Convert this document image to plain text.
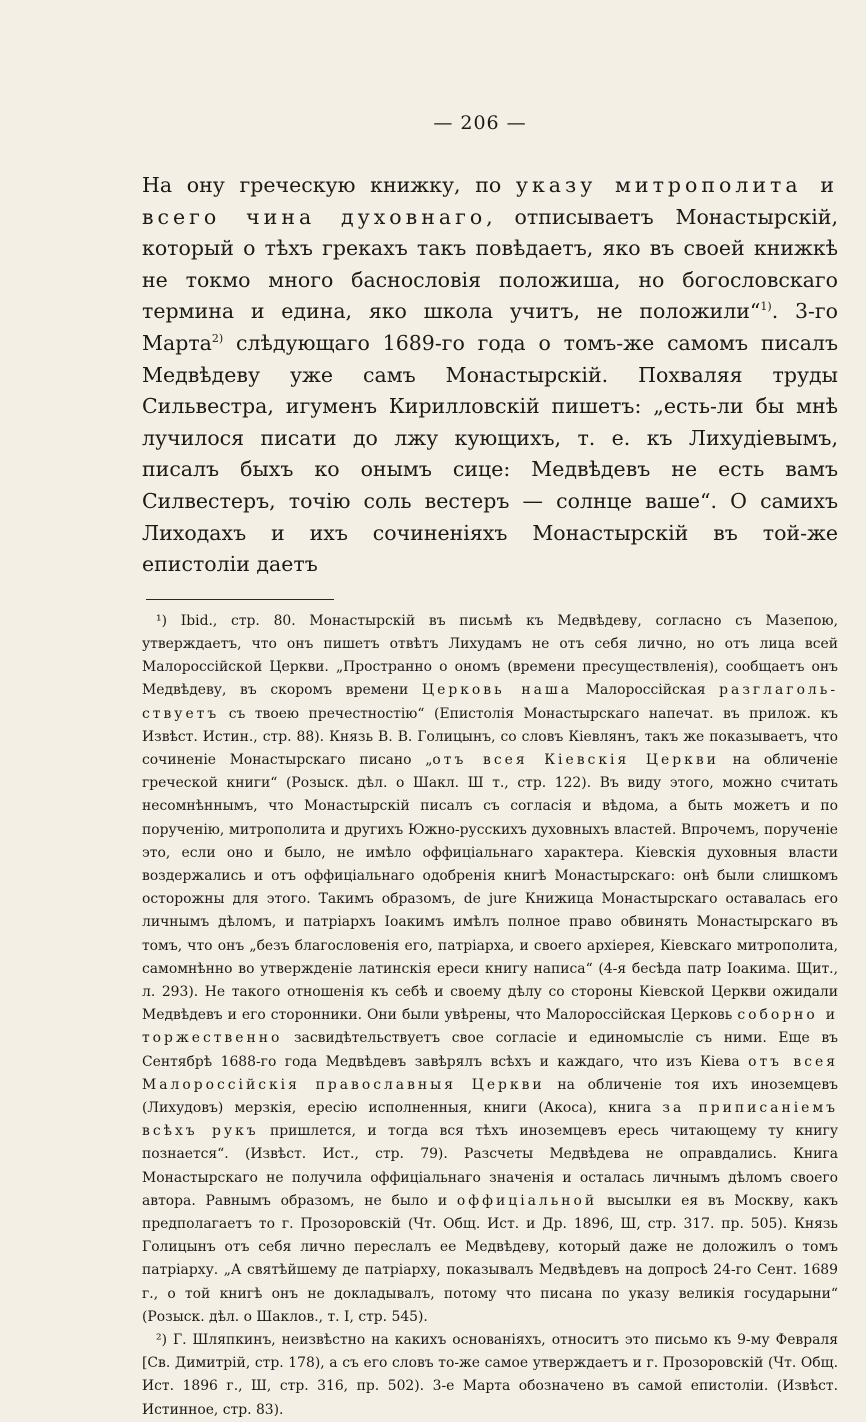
— 206 —

На ону греческую книжку, по указу митрополита и всего чина духовнаго, отписываетъ Монастырскій, который о тѣхъ грекахъ такъ повѣдаетъ, яко въ своей книжкѣ не токмо много баснословія положиша, но богословскаго термина и едина, яко школа учитъ, не положили“$^{1)}$. 3-го Марта$^{2)}$ слѣдующаго 1689-го года о томъ-же самомъ писалъ Медвѣдеву уже самъ Монастырскій. Похваляя труды Сильвестра, игуменъ Кирилловскій пишетъ: „есть-ли бы мнѣ лучилося писати до лжу кующихъ, т. е. къ Лихудіевымъ, писалъ быхъ ко онымъ сице: Медвѣдевъ не есть вамъ Силвестеръ, точію соль вестеръ — солнце ваше“. О самихъ Лиходахъ и ихъ сочиненіяхъ Монастырскій въ той-же епистоліи даетъ

¹) Ibid., стр. 80. Монастырскій въ письмѣ къ Медвѣдеву, согласно съ Мазепою, утверждаетъ, что онъ пишетъ отвѣтъ Лихудамъ не отъ себя лично, но отъ лица всей Малороссійской Церкви. „Пространно о ономъ (времени пресуществленія), сообщаетъ онъ Медвѣдеву, въ скоромъ времени Церковь наша Малороссійская разглаголь-ствуетъ съ твоею пречестностію“ (Епистолія Монастырскаго напечат. въ прилож. къ Извѣст. Истин., стр. 88). Князь В. В. Голицынъ, со словъ Кіевлянъ, такъ же показываетъ, что сочиненіе Монастырскаго писано „отъ всея Кіевскія Церкви на обличеніе греческой книги“ (Розыск. дѣл. о Шакл. Ш т., стр. 122). Въ виду этого, можно считать несомнѣннымъ, что Монастырскій писалъ съ согласія и вѣдома, а быть можетъ и по порученію, митрополита и другихъ Южно-русскихъ духовныхъ властей. Впрочемъ, порученіе это, если оно и было, не имѣло оффиціальнаго характера. Кіевскія духовныя власти воздержались и отъ оффиціальнаго одобренія книгѣ Монастырскаго: онѣ были слишкомъ осторожны для этого. Такимъ образомъ, de jure Книжица Монастырскаго оставалась его личнымъ дѣломъ, и патріархъ Іоакимъ имѣлъ полное право обвинять Монастырскаго въ томъ, что онъ „безъ благословенія его, патріарха, и своего архіерея, Кіевскаго митрополита, самомнѣнно во утвержденіе латинскія ереси книгу написа“ (4-я бесѣда патр Іоакима. Щит., л. 293). Не такого отношенія къ себѣ и своему дѣлу со стороны Кіевской Церкви ожидали Медвѣдевъ и его сторонники. Они были увѣрены, что Малороссійская Церковь соборно и торжественно засвидѣтельствуетъ свое согласіе и единомысліе съ ними. Еще въ Сентябрѣ 1688-го года Медвѣдевъ завѣрялъ всѣхъ и каждаго, что изъ Кіева отъ всея Малороссійскія православныя Церкви на обличеніе тоя ихъ иноземцевъ (Лихудовъ) мерзкія, ересію исполненныя, книги (Акоса), книга за приписаніемъ всѣхъ рукъ пришлется, и тогда вся тѣхъ иноземцевъ ересь читающему ту книгу познается“. (Извѣст. Ист., стр. 79). Разсчеты Медвѣдева не оправдались. Книга Монастырскаго не получила оффиціальнаго значенія и осталась личнымъ дѣломъ своего автора. Равнымъ образомъ, не было и оффиціальной высылки ея въ Москву, какъ предполагаетъ то г. Прозоровскій (Чт. Общ. Ист. и Др. 1896, Ш, стр. 317. пр. 505). Князь Голицынъ отъ себя лично переслалъ ее Медвѣдеву, который даже не доложилъ о томъ патріарху. „А святѣйшему де патріарху, показывалъ Медвѣдевъ на допросѣ 24-го Сент. 1689 г., о той книгѣ онъ не докладывалъ, потому что писана по указу великія государыни“ (Розыск. дѣл. о Шаклов., т. I, стр. 545).

²) Г. Шляпкинъ, неизвѣстно на какихъ основаніяхъ, относитъ это письмо къ 9-му Февраля [Св. Димитрій, стр. 178), а съ его словъ то-же самое утверждаетъ и г. Прозоровскій (Чт. Общ. Ист. 1896 г., Ш, стр. 316, пр. 502). 3-е Марта обозначено въ самой епистоліи. (Извѣст. Истинное, стр. 83).
